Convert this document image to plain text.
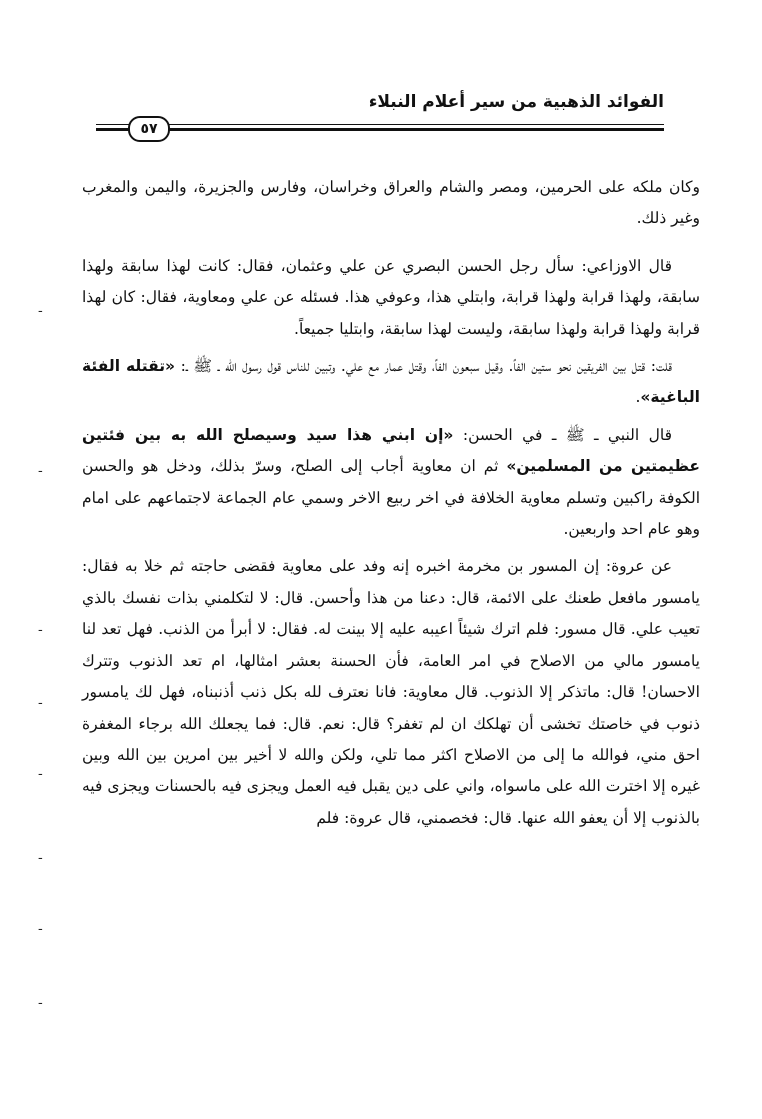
الفوائد الذهبية من سير أعلام النبلاء
٥٧

وكان ملكه على الحرمين، ومصر والشام والعراق وخراسان، وفارس والجزيرة، واليمن والمغرب وغير ذلك.

قال الاوزاعي: سأل رجل الحسن البصري عن علي وعثمان، فقال: كانت لهذا سابقة ولهذا سابقة، ولهذا قرابة ولهذا قرابة، وابتلي هذا، وعوفي هذا. فسئله عن علي ومعاوية، فقال: كان لهذا قرابة ولهذا قرابة ولهذا سابقة، وليست لهذا سابقة، وابتليا جميعاً.

قلت: قتل بين الفريقين نحو ستين الفاً. وقيل سبعون الفاً، وقتل عمار مع علي. وتبين للناس قول رسول الله ـ ﷺ ـ: «تقتله الفئة الباغية».

قال النبي ـ ﷺ ـ في الحسن: «إن ابني هذا سيد وسيصلح الله به بين فئتين عظيمتين من المسلمين» ثم ان معاوية أجاب إلى الصلح، وسرّ بذلك، ودخل هو والحسن الكوفة راكبين وتسلم معاوية الخلافة في اخر ربيع الاخر وسمي عام الجماعة لاجتماعهم على امام وهو عام احد واربعين.

عن عروة: إن المسور بن مخرمة اخبره إنه وفد على معاوية فقضى حاجته ثم خلا به فقال: يامسور مافعل طعنك على الائمة، قال: دعنا من هذا وأحسن. قال: لا لتكلمني بذات نفسك بالذي تعيب علي. قال مسور: فلم اترك شيئاً اعيبه عليه إلا بينت له. فقال: لا أبرأ من الذنب. فهل تعد لنا يامسور مالي من الاصلاح في امر العامة، فأن الحسنة بعشر امثالها، ام تعد الذنوب وتترك الاحسان! قال: ماتذكر إلا الذنوب. قال معاوية: فانا نعترف لله بكل ذنب أذنبناه، فهل لك يامسور ذنوب في خاصتك تخشى أن تهلكك ان لم تغفر؟ قال: نعم. قال: فما يجعلك الله برجاء المغفرة احق مني، فوالله ما إلى من الاصلاح اكثر مما تلي، ولكن والله لا أخير بين امرين بين الله وبين غيره إلا اخترت الله على ماسواه، واني على دين يقبل فيه العمل ويجزى فيه بالحسنات ويجزى فيه بالذنوب إلا أن يعفو الله عنها. قال: فخصمني، قال عروة: فلم

-
-
-
-
-
-
-
-
